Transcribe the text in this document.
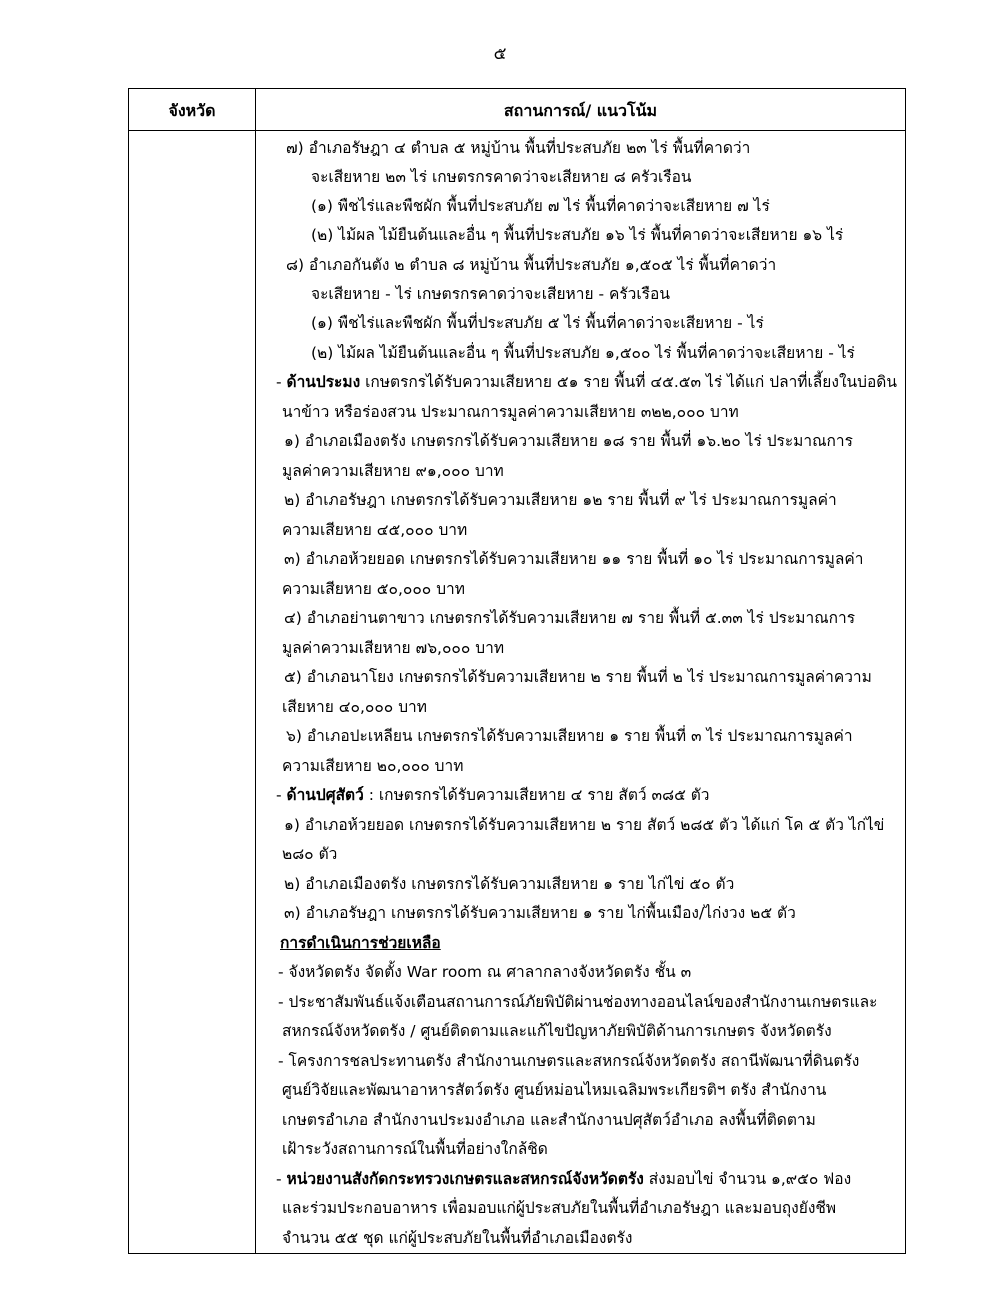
๕
จังหวัด	สถานการณ์/ แนวโน้ม
๗) อำเภอรัษฎา ๔ ตำบล ๕ หมู่บ้าน พื้นที่ประสบภัย ๒๓ ไร่ พื้นที่คาดว่า
จะเสียหาย ๒๓ ไร่ เกษตรกรคาดว่าจะเสียหาย ๘ ครัวเรือน
(๑) พืชไร่และพืชผัก พื้นที่ประสบภัย ๗ ไร่ พื้นที่คาดว่าจะเสียหาย ๗ ไร่
(๒) ไม้ผล ไม้ยืนต้นและอื่น ๆ พื้นที่ประสบภัย ๑๖ ไร่ พื้นที่คาดว่าจะเสียหาย ๑๖ ไร่
๘) อำเภอกันตัง ๒ ตำบล ๘ หมู่บ้าน พื้นที่ประสบภัย ๑,๕๐๕ ไร่ พื้นที่คาดว่า
จะเสียหาย - ไร่ เกษตรกรคาดว่าจะเสียหาย - ครัวเรือน
(๑) พืชไร่และพืชผัก พื้นที่ประสบภัย ๕ ไร่ พื้นที่คาดว่าจะเสียหาย - ไร่
(๒) ไม้ผล ไม้ยืนต้นและอื่น ๆ พื้นที่ประสบภัย ๑,๕๐๐ ไร่ พื้นที่คาดว่าจะเสียหาย - ไร่
- ด้านประมง เกษตรกรได้รับความเสียหาย ๕๑ ราย พื้นที่ ๔๕.๕๓ ไร่ ได้แก่ ปลาที่เลี้ยงในบ่อดิน
นาข้าว หรือร่องสวน ประมาณการมูลค่าความเสียหาย ๓๒๒,๐๐๐ บาท
๑) อำเภอเมืองตรัง เกษตรกรได้รับความเสียหาย ๑๘ ราย พื้นที่ ๑๖.๒๐ ไร่ ประมาณการ
มูลค่าความเสียหาย ๙๑,๐๐๐ บาท
๒) อำเภอรัษฎา เกษตรกรได้รับความเสียหาย ๑๒ ราย พื้นที่ ๙ ไร่ ประมาณการมูลค่า
ความเสียหาย ๔๕,๐๐๐ บาท
๓) อำเภอห้วยยอด เกษตรกรได้รับความเสียหาย ๑๑ ราย พื้นที่ ๑๐ ไร่ ประมาณการมูลค่า
ความเสียหาย ๕๐,๐๐๐ บาท
๔) อำเภอย่านตาขาว เกษตรกรได้รับความเสียหาย ๗ ราย พื้นที่ ๕.๓๓ ไร่ ประมาณการ
มูลค่าความเสียหาย ๗๖,๐๐๐ บาท
๕) อำเภอนาโยง เกษตรกรได้รับความเสียหาย ๒ ราย พื้นที่ ๒ ไร่ ประมาณการมูลค่าความ
เสียหาย ๔๐,๐๐๐ บาท
๖) อำเภอปะเหลียน เกษตรกรได้รับความเสียหาย ๑ ราย พื้นที่ ๓ ไร่ ประมาณการมูลค่า
ความเสียหาย ๒๐,๐๐๐ บาท
- ด้านปศุสัตว์ : เกษตรกรได้รับความเสียหาย ๔ ราย สัตว์ ๓๘๕ ตัว
๑) อำเภอห้วยยอด เกษตรกรได้รับความเสียหาย ๒ ราย สัตว์ ๒๘๕ ตัว ได้แก่ โค ๕ ตัว ไก่ไข่
๒๘๐ ตัว
๒) อำเภอเมืองตรัง เกษตรกรได้รับความเสียหาย ๑ ราย ไก่ไข่ ๕๐ ตัว
๓) อำเภอรัษฎา เกษตรกรได้รับความเสียหาย ๑ ราย ไก่พื้นเมือง/ไก่งวง ๒๕ ตัว
การดำเนินการช่วยเหลือ
- จังหวัดตรัง จัดตั้ง War room ณ ศาลากลางจังหวัดตรัง ชั้น ๓
- ประชาสัมพันธ์แจ้งเตือนสถานการณ์ภัยพิบัติผ่านช่องทางออนไลน์ของสำนักงานเกษตรและ
สหกรณ์จังหวัดตรัง / ศูนย์ติดตามและแก้ไขปัญหาภัยพิบัติด้านการเกษตร จังหวัดตรัง
- โครงการชลประทานตรัง สำนักงานเกษตรและสหกรณ์จังหวัดตรัง สถานีพัฒนาที่ดินตรัง
ศูนย์วิจัยและพัฒนาอาหารสัตว์ตรัง ศูนย์หม่อนไหมเฉลิมพระเกียรติฯ ตรัง สำนักงาน
เกษตรอำเภอ สำนักงานประมงอำเภอ และสำนักงานปศุสัตว์อำเภอ ลงพื้นที่ติดตาม
เฝ้าระวังสถานการณ์ในพื้นที่อย่างใกล้ชิด
- หน่วยงานสังกัดกระทรวงเกษตรและสหกรณ์จังหวัดตรัง ส่งมอบไข่ จำนวน ๑,๙๕๐ ฟอง
และร่วมประกอบอาหาร เพื่อมอบแก่ผู้ประสบภัยในพื้นที่อำเภอรัษฎา และมอบถุงยังชีพ
จำนวน ๕๕ ชุด แก่ผู้ประสบภัยในพื้นที่อำเภอเมืองตรัง
